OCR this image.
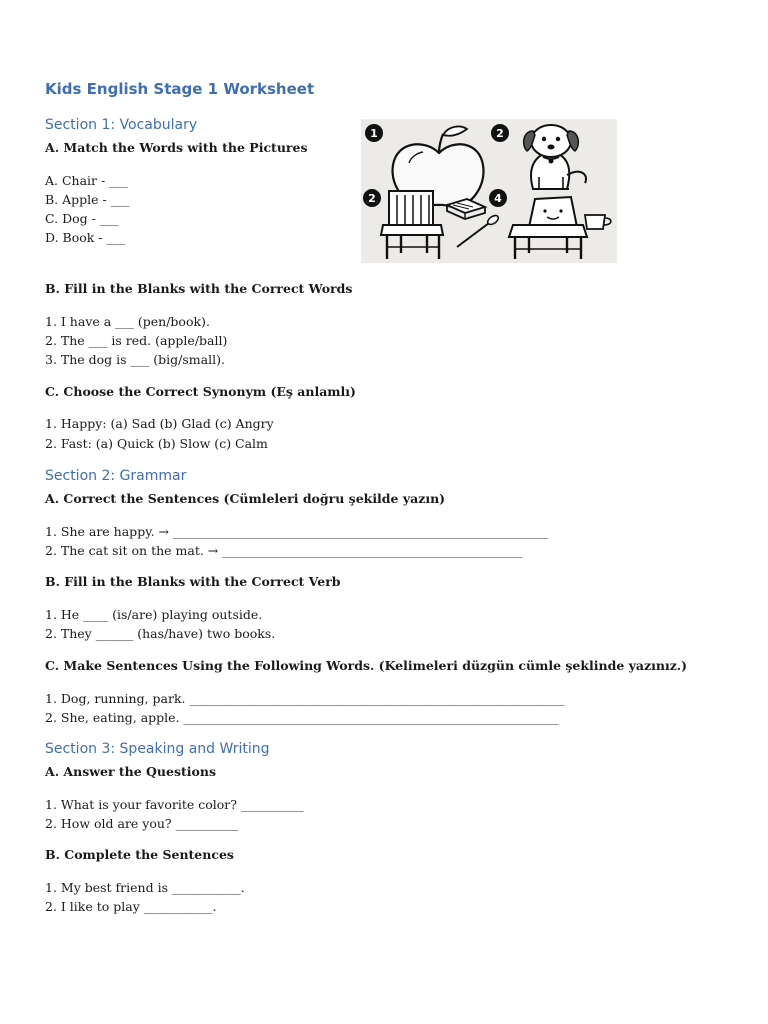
Kids English Stage 1 Worksheet
Section 1: Vocabulary

A. Match the Words with the Pictures

A. Chair - ___

B. Apple - ___

C. Dog - ___

D. Book - ___

1	2
2	4

B. Fill in the Blanks with the Correct Words

1. I have a ___ (pen/book).

2. The ___ is red. (apple/ball)

3. The dog is ___ (big/small).

C. Choose the Correct Synonym (Eş anlamlı)

1. Happy: (a) Sad (b) Glad (c) Angry

2. Fast: (a) Quick (b) Slow (c) Calm

Section 2: Grammar

A. Correct the Sentences (Cümleleri doğru şekilde yazın)

1. She are happy. → ____________________________________________________________

2. The cat sit on the mat. → ________________________________________________

B. Fill in the Blanks with the Correct Verb

1. He ____ (is/are) playing outside.

2. They ______ (has/have) two books.

C. Make Sentences Using the Following Words. (Kelimeleri düzgün cümle şeklinde yazınız.)

1. Dog, running, park. ____________________________________________________________

2. She, eating, apple. ____________________________________________________________

Section 3: Speaking and Writing

A. Answer the Questions

1. What is your favorite color? __________

2. How old are you? __________

B. Complete the Sentences

1. My best friend is ___________.

2. I like to play ___________.
